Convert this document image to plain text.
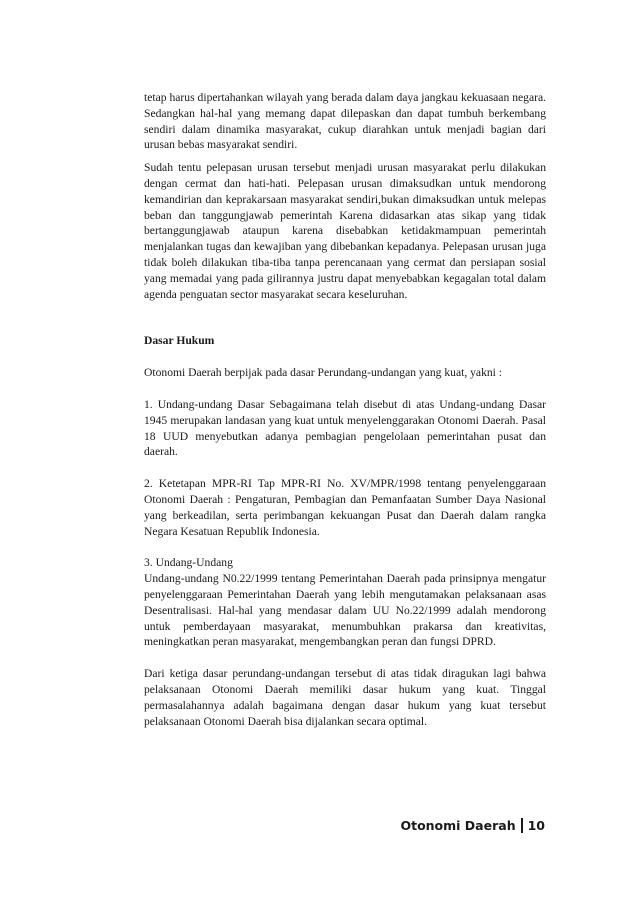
tetap harus dipertahankan wilayah yang berada dalam daya jangkau kekuasaan negara. Sedangkan hal-hal yang memang dapat dilepaskan dan dapat tumbuh berkembang sendiri dalam dinamika masyarakat, cukup diarahkan untuk menjadi bagian dari urusan bebas masyarakat sendiri.

Sudah tentu pelepasan urusan tersebut menjadi urusan masyarakat perlu dilakukan dengan cermat dan hati-hati. Pelepasan urusan dimaksudkan untuk mendorong kemandirian dan keprakarsaan masyarakat sendiri,bukan dimaksudkan untuk melepas beban dan tanggungjawab pemerintah Karena didasarkan atas sikap yang tidak bertanggungjawab ataupun karena disebabkan ketidakmampuan pemerintah menjalankan tugas dan kewajiban yang dibebankan kepadanya. Pelepasan urusan juga tidak boleh dilakukan tiba-tiba tanpa perencanaan yang cermat dan persiapan sosial yang memadai yang pada gilirannya justru dapat menyebabkan kegagalan total dalam agenda penguatan sector masyarakat secara keseluruhan.

Dasar Hukum

Otonomi Daerah berpijak pada dasar Perundang-undangan yang kuat, yakni :

1. Undang-undang Dasar Sebagaimana telah disebut di atas Undang-undang Dasar 1945 merupakan landasan yang kuat untuk menyelenggarakan Otonomi Daerah. Pasal 18 UUD menyebutkan adanya pembagian pengelolaan pemerintahan pusat dan daerah.

2. Ketetapan MPR-RI Tap MPR-RI No. XV/MPR/1998 tentang penyelenggaraan Otonomi Daerah : Pengaturan, Pembagian dan Pemanfaatan Sumber Daya Nasional yang berkeadilan, serta perimbangan kekuangan Pusat dan Daerah dalam rangka Negara Kesatuan Republik Indonesia.

3. Undang-Undang

Undang-undang N0.22/1999 tentang Pemerintahan Daerah pada prinsipnya mengatur penyelenggaraan Pemerintahan Daerah yang lebih mengutamakan pelaksanaan asas Desentralisasi. Hal-hal yang mendasar dalam UU No.22/1999 adalah mendorong untuk pemberdayaan masyarakat, menumbuhkan prakarsa dan kreativitas, meningkatkan peran masyarakat, mengembangkan peran dan fungsi DPRD.

Dari ketiga dasar perundang-undangan tersebut di atas tidak diragukan lagi bahwa pelaksanaan Otonomi Daerah memiliki dasar hukum yang kuat. Tinggal permasalahannya adalah bagaimana dengan dasar hukum yang kuat tersebut pelaksanaan Otonomi Daerah bisa dijalankan secara optimal.

Otonomi Daerah 10
